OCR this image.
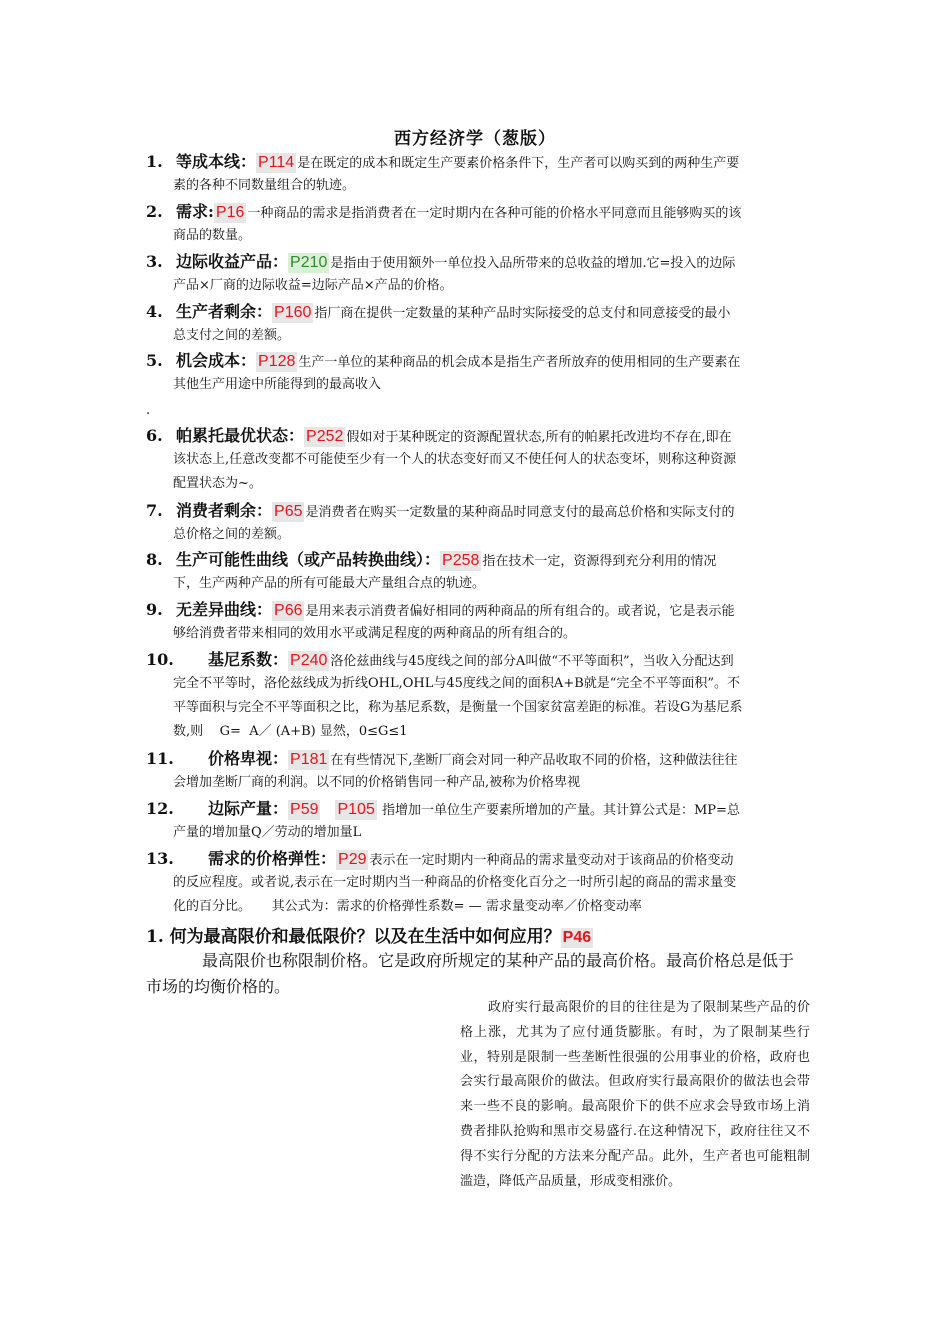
西方经济学（葱版）
1. 等成本线： P114 是在既定的成本和既定生产要素价格条件下，生产者可以购买到的两种生产要
素的各种不同数量组合的轨迹。
2. 需求: P16 一种商品的需求是指消费者在一定时期内在各种可能的价格水平同意而且能够购买的该
商品的数量。
3. 边际收益产品： P210 是指由于使用额外一单位投入品所带来的总收益的增加.它=投入的边际
产品×厂商的边际收益=边际产品×产品的价格。
4. 生产者剩余： P160 指厂商在提供一定数量的某种产品时实际接受的总支付和同意接受的最小
总支付之间的差额。
5. 机会成本： P128 生产一单位的某种商品的机会成本是指生产者所放弃的使用相同的生产要素在
其他生产用途中所能得到的最高收入
6. 帕累托最优状态： P252 假如对于某种既定的资源配置状态,所有的帕累托改进均不存在,即在
该状态上,任意改变都不可能使至少有一个人的状态变好而又不使任何人的状态变坏，则称这种资源
配置状态为~。
7. 消费者剩余： P65 是消费者在购买一定数量的某种商品时同意支付的最高总价格和实际支付的
总价格之间的差额。
8. 生产可能性曲线（或产品转换曲线）： P258 指在技术一定，资源得到充分利用的情况
下，生产两种产品的所有可能最大产量组合点的轨迹。
9. 无差异曲线： P66 是用来表示消费者偏好相同的两种商品的所有组合的。或者说，它是表示能
够给消费者带来相同的效用水平或满足程度的两种商品的所有组合的。
10. 基尼系数： P240 洛伦兹曲线与45度线之间的部分A叫做“不平等面积”，当收入分配达到
完全不平等时，洛伦兹线成为折线OHL,OHL与45度线之间的面积A+B就是“完全不平等面积”。不
平等面积与完全不平等面积之比，称为基尼系数，是衡量一个国家贫富差距的标准。若设G为基尼系
数,则    G=  A／ (A+B) 显然，0≤G≤1
11. 价格卑视： P181 在有些情况下,垄断厂商会对同一种产品收取不同的价格，这种做法往往
会增加垄断厂商的利润。以不同的价格销售同一种产品,被称为价格卑视
12. 边际产量： P59 P105 指增加一单位生产要素所增加的产量。其计算公式是：MP=总
产量的增加量Q／劳动的增加量L
13. 需求的价格弹性： P29 表示在一定时期内一种商品的需求量变动对于该商品的价格变动
的反应程度。或者说,表示在一定时期内当一种商品的价格变化百分之一时所引起的商品的需求量变
化的百分比。     其公式为：需求的价格弹性系数= — 需求量变动率／价格变动率
.
1. 何为最高限价和最低限价？以及在生活中如何应用？ P46
最高限价也称限制价格。它是政府所规定的某种产品的最高价格。最高价格总是低于市场的均衡价格的。
政府实行最高限价的目的往往是为了限制某些产品的价格上涨，尤其为了应付通货膨胀。有时，为了限制某些行业，特别是限制一些垄断性很强的公用事业的价格，政府也会实行最高限价的做法。但政府实行最高限价的做法也会带来一些不良的影响。最高限价下的供不应求会导致市场上消费者排队抢购和黑市交易盛行.在这种情况下，政府往往又不得不实行分配的方法来分配产品。此外，生产者也可能粗制滥造，降低产品质量，形成变相涨价。
